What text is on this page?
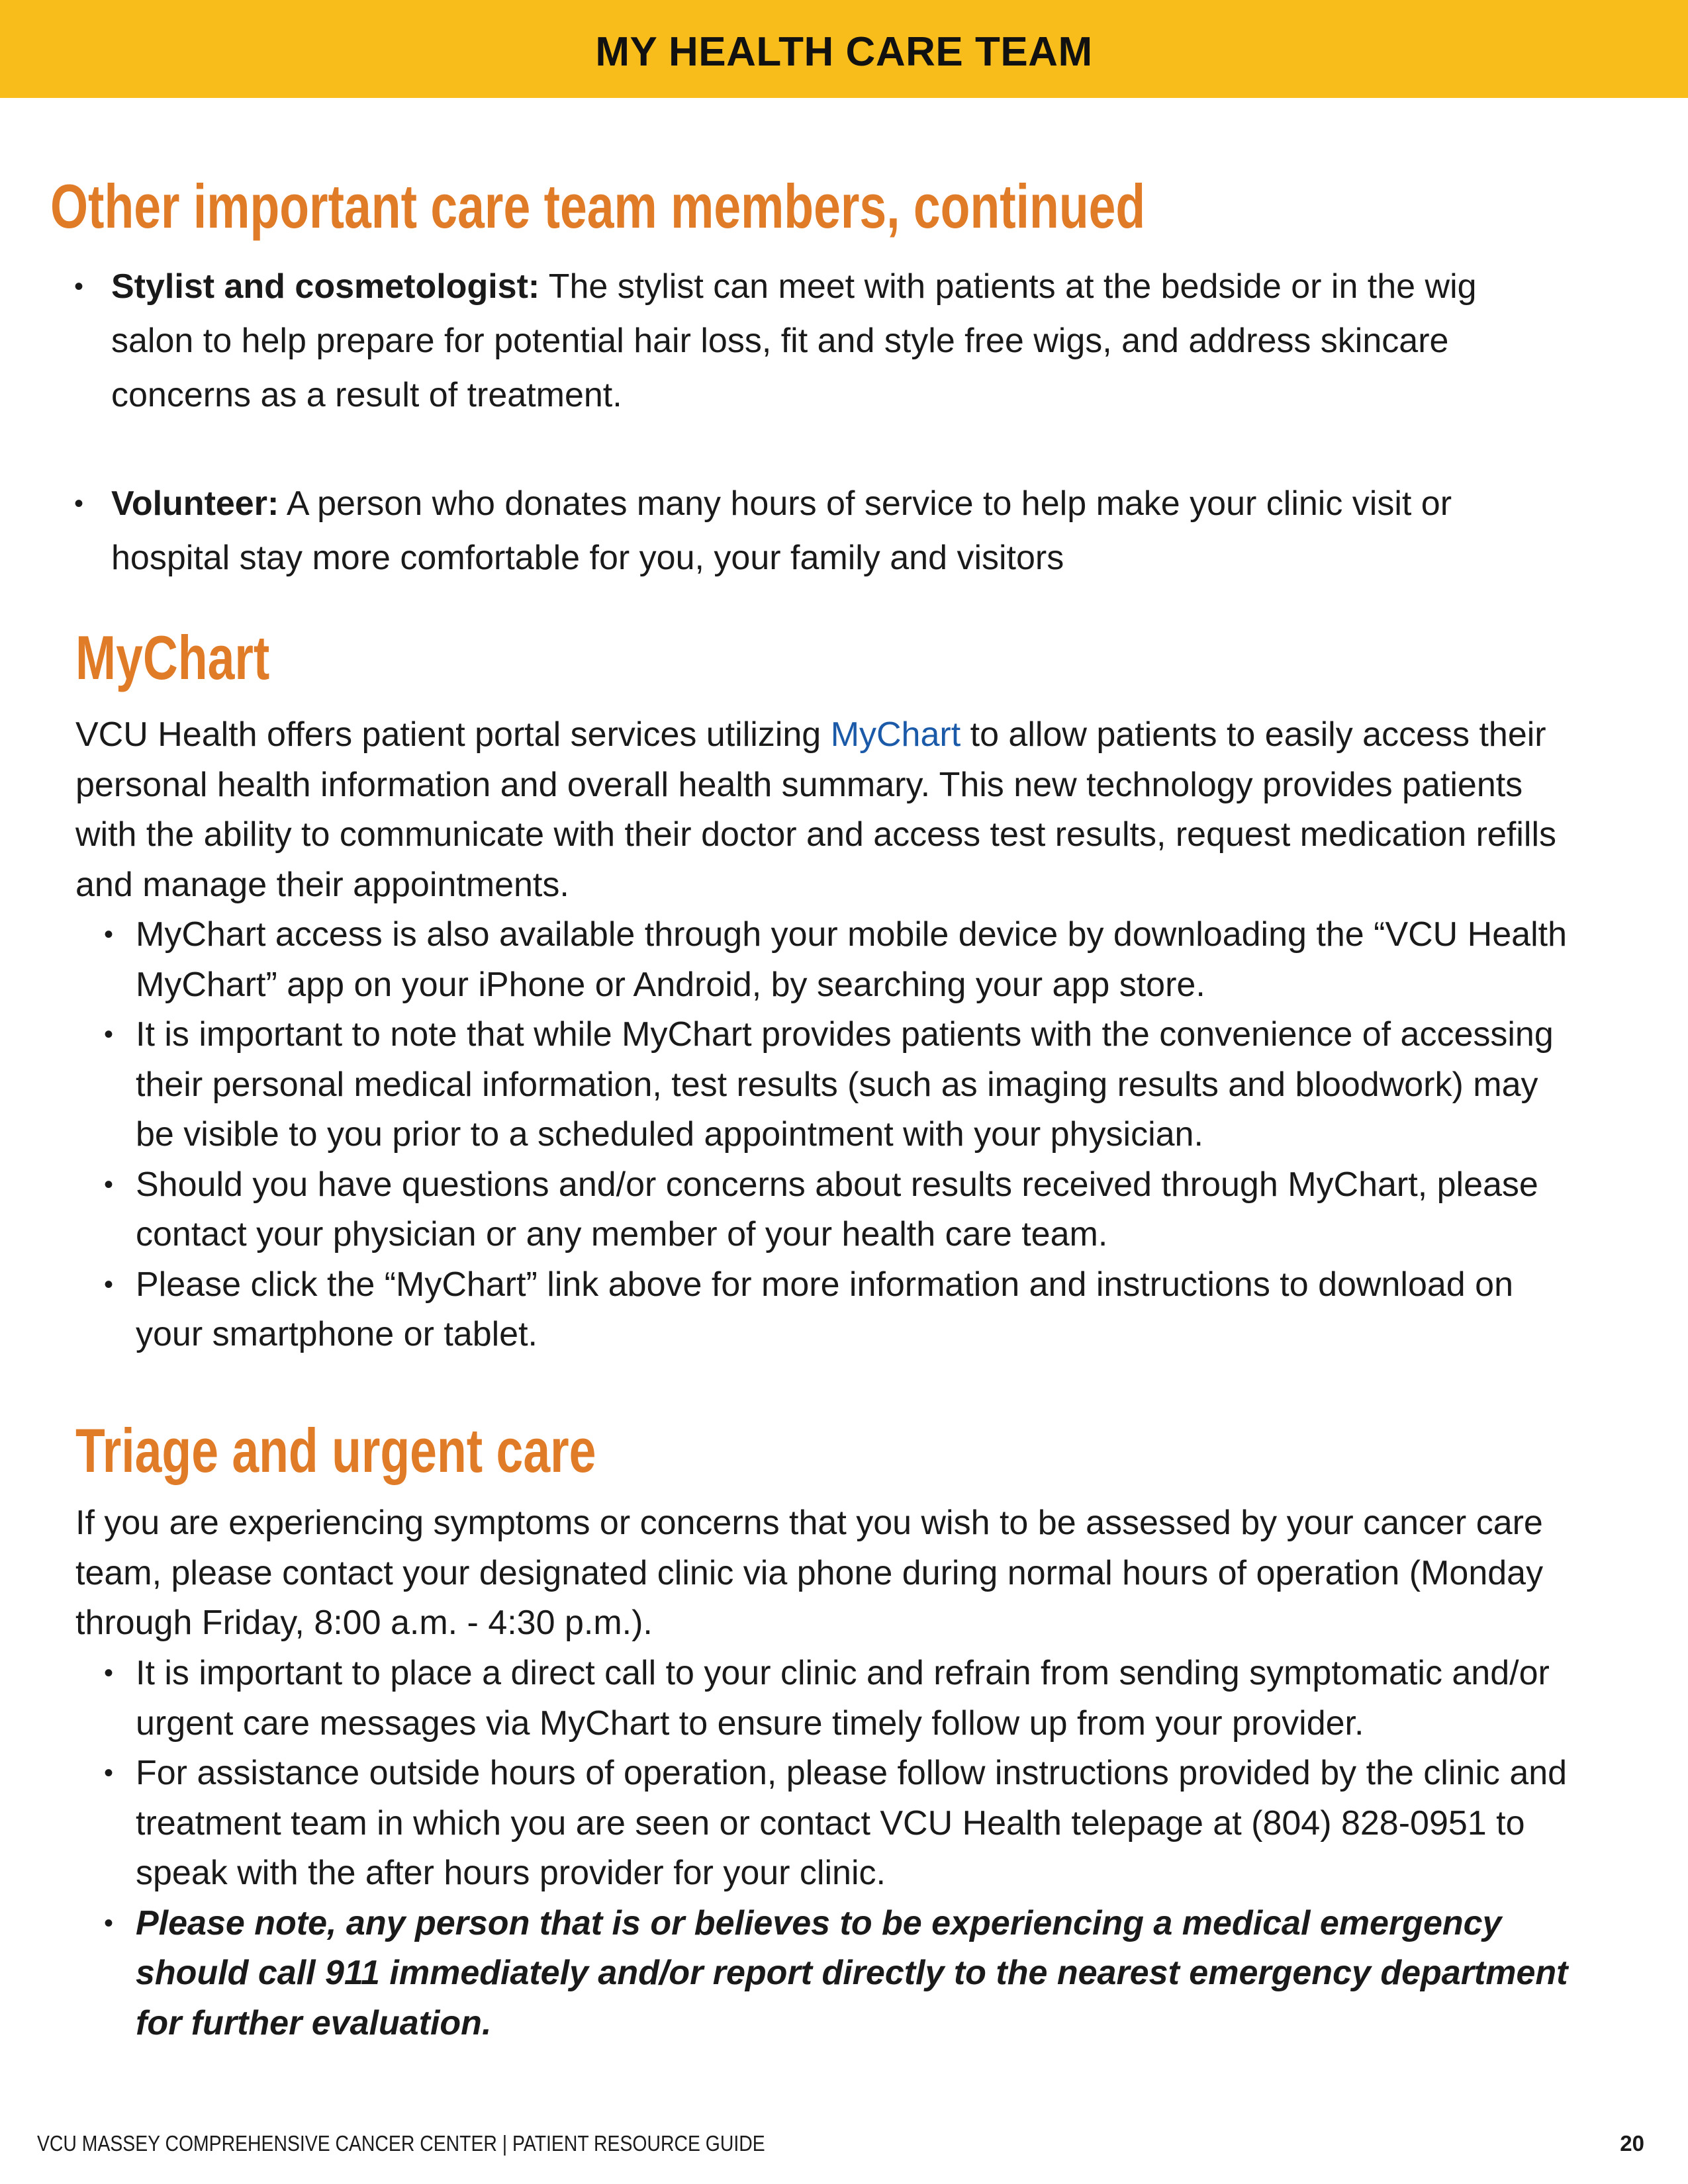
MY HEALTH CARE TEAM
Other important care team members, continued
• Stylist and cosmetologist: The stylist can meet with patients at the bedside or in the wig salon to help prepare for potential hair loss, fit and style free wigs, and address skincare concerns as a result of treatment.
• Volunteer: A person who donates many hours of service to help make your clinic visit or hospital stay more comfortable for you, your family and visitors
MyChart

VCU Health offers patient portal services utilizing MyChart to allow patients to easily access their personal health information and overall health summary. This new technology provides patients with the ability to communicate with their doctor and access test results, request medication refills and manage their appointments.

• MyChart access is also available through your mobile device by downloading the “VCU Health MyChart” app on your iPhone or Android, by searching your app store.
• It is important to note that while MyChart provides patients with the convenience of accessing their personal medical information, test results (such as imaging results and bloodwork) may be visible to you prior to a scheduled appointment with your physician.
• Should you have questions and/or concerns about results received through MyChart, please contact your physician or any member of your health care team.
• Please click the “MyChart” link above for more information and instructions to download on your smartphone or tablet.
Triage and urgent care

If you are experiencing symptoms or concerns that you wish to be assessed by your cancer care team, please contact your designated clinic via phone during normal hours of operation (Monday through Friday, 8:00 a.m. - 4:30 p.m.).

• It is important to place a direct call to your clinic and refrain from sending symptomatic and/or urgent care messages via MyChart to ensure timely follow up from your provider.
• For assistance outside hours of operation, please follow instructions provided by the clinic and treatment team in which you are seen or contact VCU Health telepage at (804) 828-0951 to speak with the after hours provider for your clinic.
• Please note, any person that is or believes to be experiencing a medical emergency should call 911 immediately and/or report directly to the nearest emergency department for further evaluation.
VCU MASSEY COMPREHENSIVE CANCER CENTER | PATIENT RESOURCE GUIDE	20
